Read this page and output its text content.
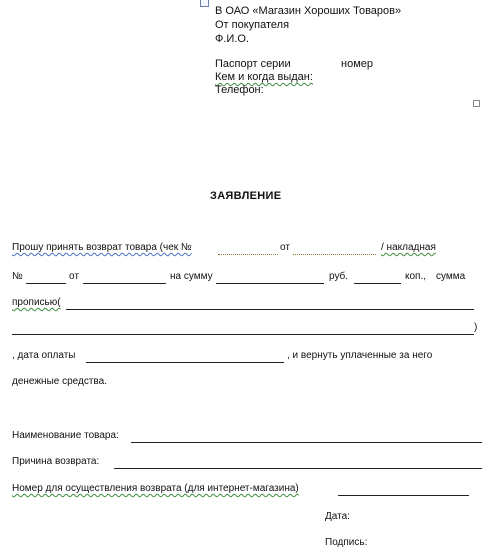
В ОАО «Магазин Хороших Товаров»
От покупателя
Ф.И.О.
Паспорт серии	номер
Кем и когда выдан:
Телефон:
ЗАЯВЛЕНИЕ
Прошу принять возврат товара (чек №	от	/ накладная
№	от	на сумму	руб.	коп., сумма
прописью(
)
, дата оплаты	, и вернуть уплаченные за него
денежные средства.
Наименование товара:
Причина возврата:
Номер для осуществления возврата (для интернет-магазина)
Дата:
Подпись:
